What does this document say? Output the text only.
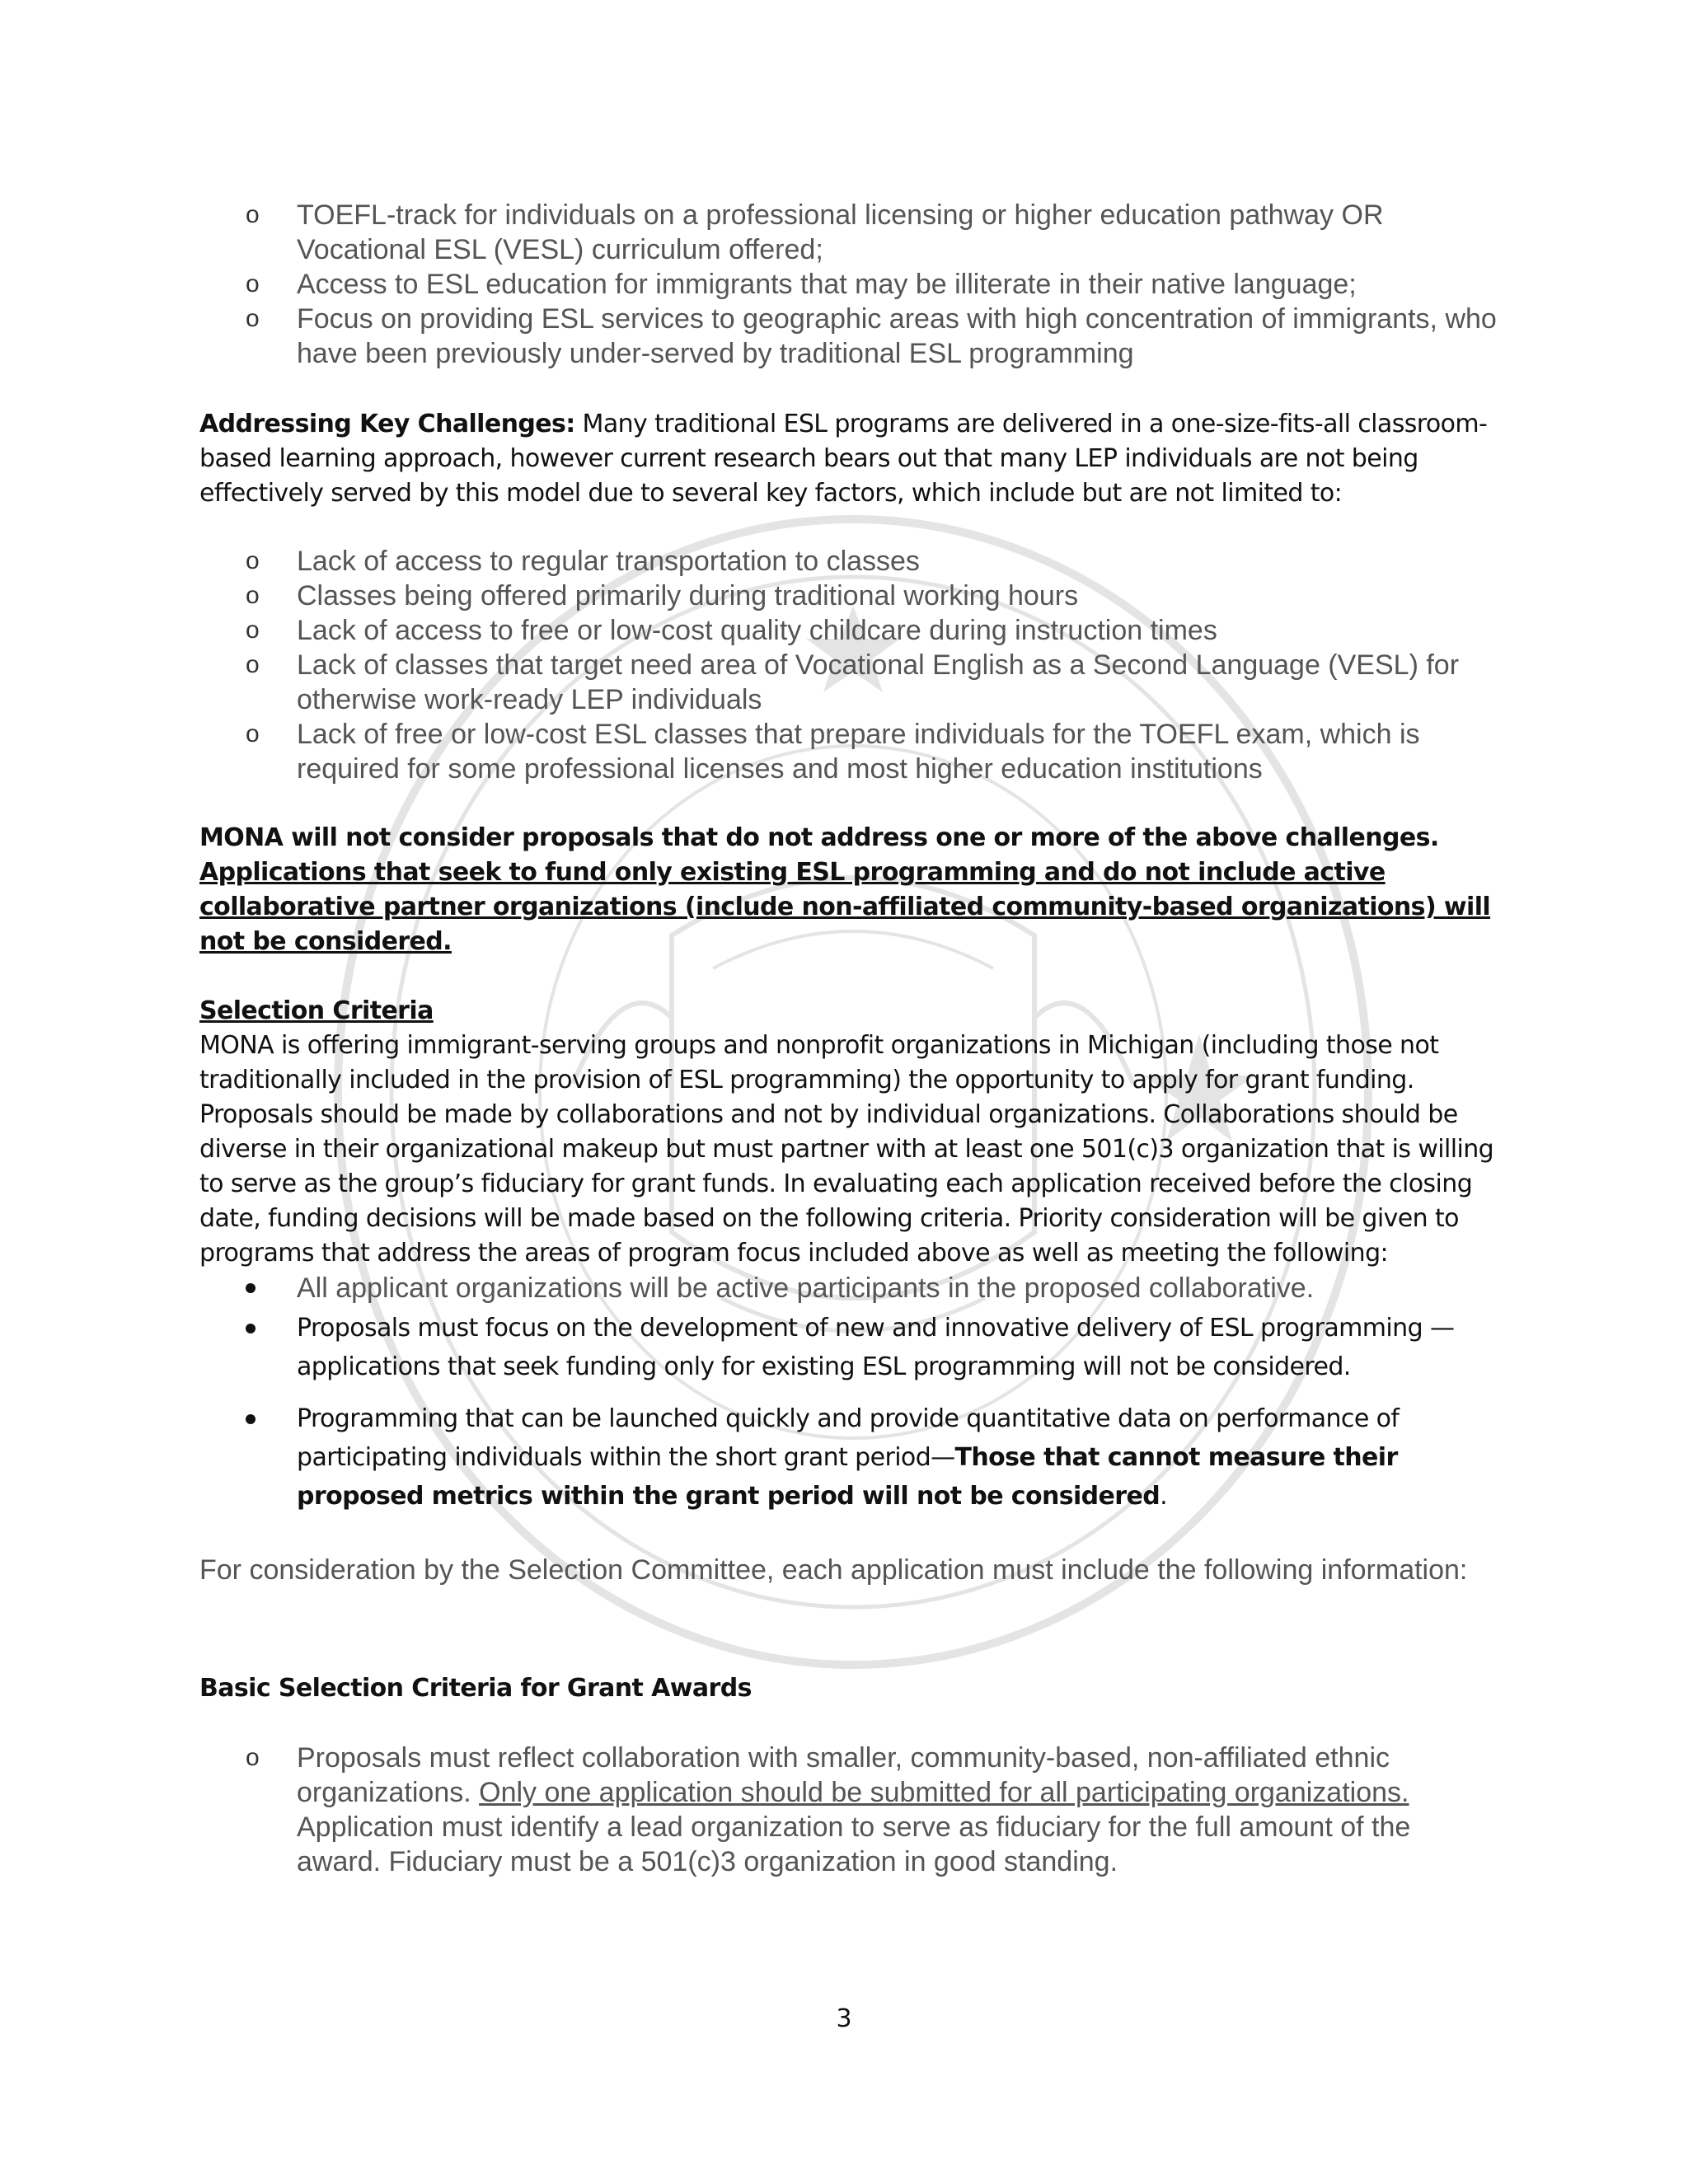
o TOEFL-track for individuals on a professional licensing or higher education pathway OR Vocational ESL (VESL) curriculum offered;
o Access to ESL education for immigrants that may be illiterate in their native language;
o Focus on providing ESL services to geographic areas with high concentration of immigrants, who have been previously under-served by traditional ESL programming

Addressing Key Challenges: Many traditional ESL programs are delivered in a one-size-fits-all classroom-based learning approach, however current research bears out that many LEP individuals are not being effectively served by this model due to several key factors, which include but are not limited to:

o Lack of access to regular transportation to classes
o Classes being offered primarily during traditional working hours
o Lack of access to free or low-cost quality childcare during instruction times
o Lack of classes that target need area of Vocational English as a Second Language (VESL) for otherwise work-ready LEP individuals
o Lack of free or low-cost ESL classes that prepare individuals for the TOEFL exam, which is required for some professional licenses and most higher education institutions

MONA will not consider proposals that do not address one or more of the above challenges.
Applications that seek to fund only existing ESL programming and do not include active collaborative partner organizations (include non-affiliated community-based organizations) will not be considered.

Selection Criteria

MONA is offering immigrant-serving groups and nonprofit organizations in Michigan (including those not traditionally included in the provision of ESL programming) the opportunity to apply for grant funding. Proposals should be made by collaborations and not by individual organizations. Collaborations should be diverse in their organizational makeup but must partner with at least one 501(c)3 organization that is willing to serve as the group’s fiduciary for grant funds. In evaluating each application received before the closing date, funding decisions will be made based on the following criteria. Priority consideration will be given to programs that address the areas of program focus included above as well as meeting the following:

All applicant organizations will be active participants in the proposed collaborative.
Proposals must focus on the development of new and innovative delivery of ESL programming —applications that seek funding only for existing ESL programming will not be considered.
Programming that can be launched quickly and provide quantitative data on performance of participating individuals within the short grant period—Those that cannot measure their proposed metrics within the grant period will not be considered.

For consideration by the Selection Committee, each application must include the following information:

Basic Selection Criteria for Grant Awards

o Proposals must reflect collaboration with smaller, community-based, non-affiliated ethnic organizations. Only one application should be submitted for all participating organizations. Application must identify a lead organization to serve as fiduciary for the full amount of the award. Fiduciary must be a 501(c)3 organization in good standing.
3
